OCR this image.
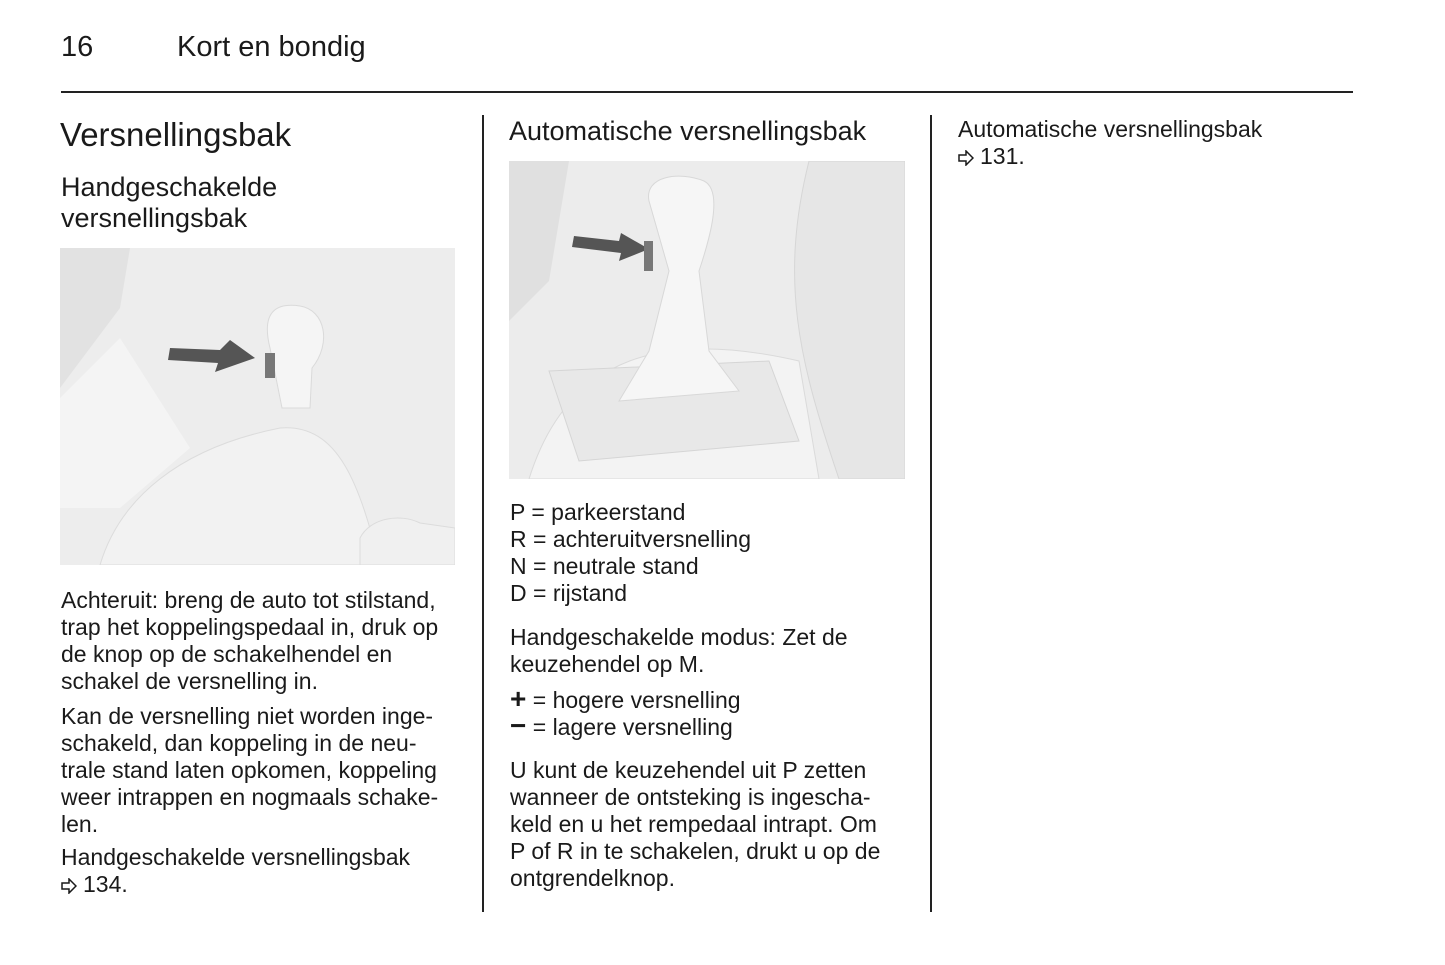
16	Kort en bondig
Versnellingsbak
Handgeschakelde
versnellingsbak
Achteruit: breng de auto tot stilstand,
trap het koppelingspedaal in, druk op
de knop op de schakelhendel en
schakel de versnelling in.
Kan de versnelling niet worden inge-
schakeld, dan koppeling in de neu-
trale stand laten opkomen, koppeling
weer intrappen en nogmaals schake-
len.
Handgeschakelde versnellingsbak
134.
Automatische versnellingsbak
P = parkeerstand
R = achteruitversnelling
N = neutrale stand
D = rijstand
Handgeschakelde modus: Zet de
keuzehendel op M.
+ = hogere versnelling
− = lagere versnelling
U kunt de keuzehendel uit P zetten
wanneer de ontsteking is ingescha-
keld en u het rempedaal intrapt. Om
P of R in te schakelen, drukt u op de
ontgrendelknop.
Automatische versnellingsbak
131.
